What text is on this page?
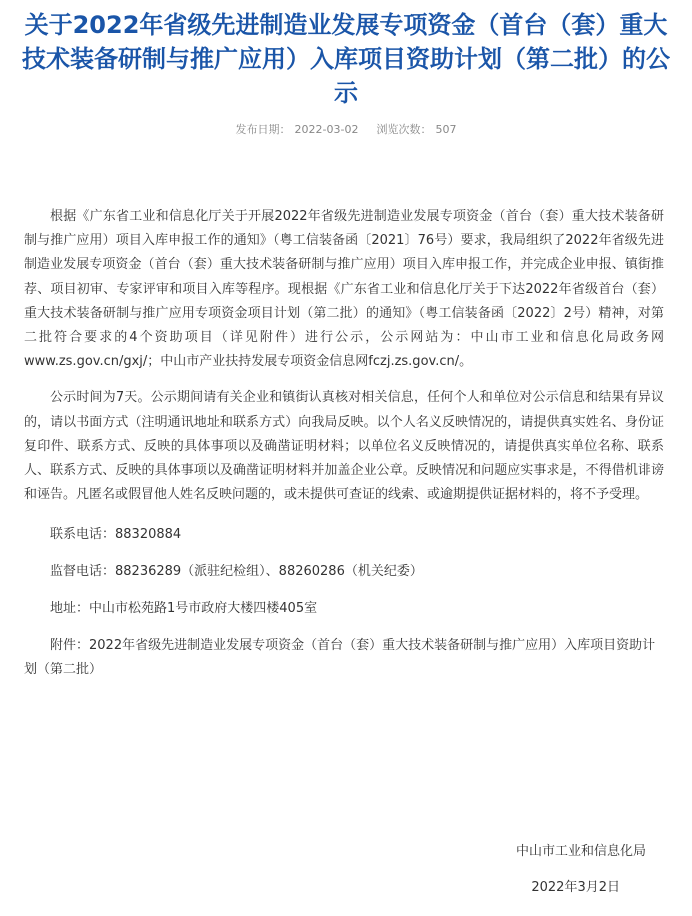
关于2022年省级先进制造业发展专项资金（首台（套）重大技术装备研制与推广应用）入库项目资助计划（第二批）的公示
发布日期： 2022-03-02 浏览次数： 507

根据《广东省工业和信息化厅关于开展2022年省级先进制造业发展专项资金（首台（套）重大技术装备研制与推广应用）项目入库申报工作的通知》（粤工信装备函〔2021〕76号）要求，我局组织了2022年省级先进制造业发展专项资金（首台（套）重大技术装备研制与推广应用）项目入库申报工作，并完成企业申报、镇街推荐、项目初审、专家评审和项目入库等程序。现根据《广东省工业和信息化厅关于下达2022年省级首台（套）重大技术装备研制与推广应用专项资金项目计划（第二批）的通知》（粤工信装备函〔2022〕2号）精神，对第二批符合要求的4个资助项目（详见附件）进行公示，公示网站为：中山市工业和信息化局政务网www.zs.gov.cn/gxj/；中山市产业扶持发展专项资金信息网fczj.zs.gov.cn/。

公示时间为7天。公示期间请有关企业和镇街认真核对相关信息，任何个人和单位对公示信息和结果有异议的，请以书面方式（注明通讯地址和联系方式）向我局反映。以个人名义反映情况的，请提供真实姓名、身份证复印件、联系方式、反映的具体事项以及确凿证明材料；以单位名义反映情况的，请提供真实单位名称、联系人、联系方式、反映的具体事项以及确凿证明材料并加盖企业公章。反映情况和问题应实事求是，不得借机诽谤和诬告。凡匿名或假冒他人姓名反映问题的，或未提供可查证的线索、或逾期提供证据材料的，将不予受理。

联系电话：88320884

监督电话：88236289（派驻纪检组）、88260286（机关纪委）

地址：中山市松苑路1号市政府大楼四楼405室

附件：2022年省级先进制造业发展专项资金（首台（套）重大技术装备研制与推广应用）入库项目资助计划（第二批）

中山市工业和信息化局
2022年3月2日
